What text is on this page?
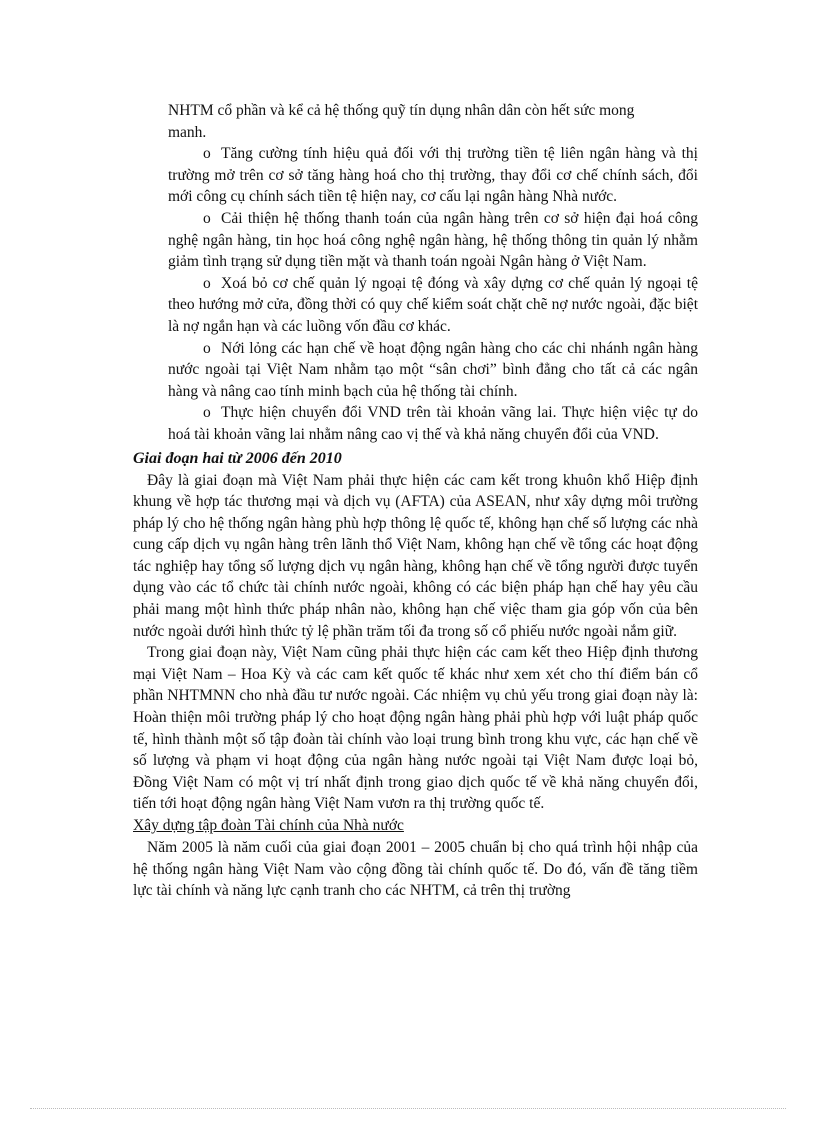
NHTM cổ phần và kể cả hệ thống quỹ tín dụng nhân dân còn hết sức mong
manh.
o Tăng cường tính hiệu quả đối với thị trường tiền tệ liên ngân hàng và thị trường mở trên cơ sở tăng hàng hoá cho thị trường, thay đổi cơ chế chính sách, đổi mới công cụ chính sách tiền tệ hiện nay, cơ cấu lại ngân hàng Nhà nước.
o Cải thiện hệ thống thanh toán của ngân hàng trên cơ sở hiện đại hoá công nghệ ngân hàng, tin học hoá công nghệ ngân hàng, hệ thống thông tin quản lý nhằm giảm tình trạng sử dụng tiền mặt và thanh toán ngoài Ngân hàng ở Việt Nam.
o Xoá bỏ cơ chế quản lý ngoại tệ đóng và xây dựng cơ chế quản lý ngoại tệ theo hướng mở cửa, đồng thời có quy chế kiểm soát chặt chẽ nợ nước ngoài, đặc biệt là nợ ngắn hạn và các luồng vốn đầu cơ khác.
o Nới lỏng các hạn chế về hoạt động ngân hàng cho các chi nhánh ngân hàng nước ngoài tại Việt Nam nhằm tạo một “sân chơi” bình đẳng cho tất cả các ngân hàng và nâng cao tính minh bạch của hệ thống tài chính.
o Thực hiện chuyển đổi VND trên tài khoản vãng lai. Thực hiện việc tự do hoá tài khoản vãng lai nhằm nâng cao vị thế và khả năng chuyển đổi của VND.
Giai đoạn hai từ 2006 đến 2010
Đây là giai đoạn mà Việt Nam phải thực hiện các cam kết trong khuôn khổ Hiệp định khung về hợp tác thương mại và dịch vụ (AFTA) của ASEAN, như xây dựng môi trường pháp lý cho hệ thống ngân hàng phù hợp thông lệ quốc tế, không hạn chế số lượng các nhà cung cấp dịch vụ ngân hàng trên lãnh thổ Việt Nam, không hạn chế về tổng các hoạt động tác nghiệp hay tổng số lượng dịch vụ ngân hàng, không hạn chế về tổng người được tuyển dụng vào các tổ chức tài chính nước ngoài, không có các biện pháp hạn chế hay yêu cầu phải mang một hình thức pháp nhân nào, không hạn chế việc tham gia góp vốn của bên nước ngoài dưới hình thức tỷ lệ phần trăm tối đa trong số cổ phiếu nước ngoài nắm giữ.
Trong giai đoạn này, Việt Nam cũng phải thực hiện các cam kết theo Hiệp định thương mại Việt Nam – Hoa Kỳ và các cam kết quốc tế khác như xem xét cho thí điểm bán cổ phần NHTMNN cho nhà đầu tư nước ngoài. Các nhiệm vụ chủ yếu trong giai đoạn này là: Hoàn thiện môi trường pháp lý cho hoạt động ngân hàng phải phù hợp với luật pháp quốc tế, hình thành một số tập đoàn tài chính vào loại trung bình trong khu vực, các hạn chế về số lượng và phạm vi hoạt động của ngân hàng nước ngoài tại Việt Nam được loại bỏ, Đồng Việt Nam có một vị trí nhất định trong giao dịch quốc tế về khả năng chuyển đổi, tiến tới hoạt động ngân hàng Việt Nam vươn ra thị trường quốc tế.
Xây dựng tập đoàn Tài chính của Nhà nước
Năm 2005 là năm cuối của giai đoạn 2001 – 2005 chuẩn bị cho quá trình hội nhập của hệ thống ngân hàng Việt Nam vào cộng đồng tài chính quốc tế. Do đó, vấn đề tăng tiềm lực tài chính và năng lực cạnh tranh cho các NHTM, cả trên thị trường
